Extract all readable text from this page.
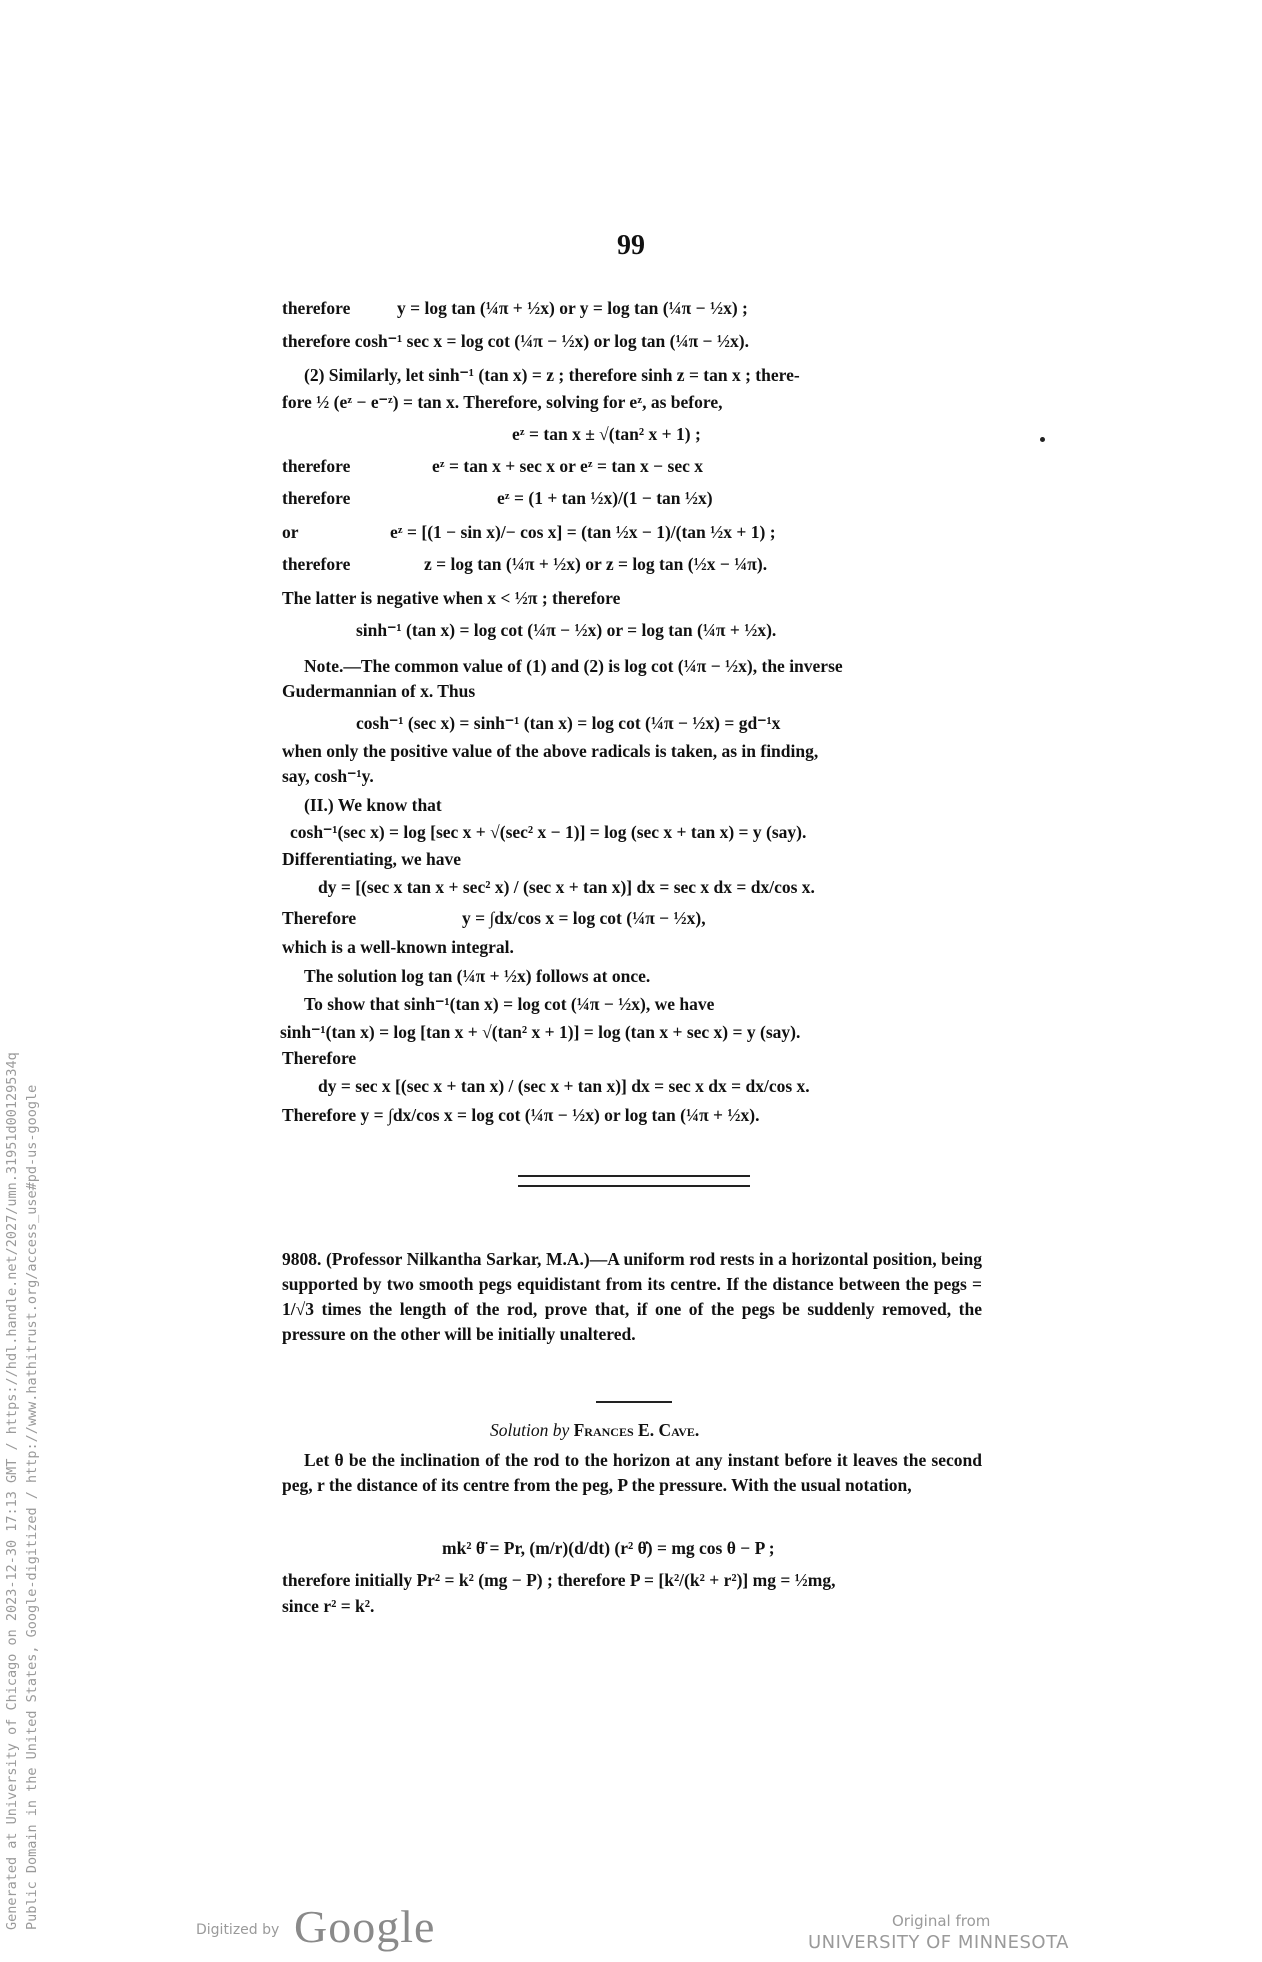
99
therefore	y = log tan (¼π + ½x) or y = log tan (¼π − ½x) ;
therefore cosh⁻¹ sec x = log cot (¼π − ½x) or log tan (¼π − ½x).
(2) Similarly, let sinh⁻¹ (tan x) = z ; therefore sinh z = tan x ; there-
fore ½ (eᶻ − e⁻ᶻ) = tan x. Therefore, solving for eᶻ, as before,
eᶻ = tan x ± √(tan² x + 1) ;
therefore	eᶻ = tan x + sec x or eᶻ = tan x − sec x
therefore	eᶻ = (1 + tan ½x)/(1 − tan ½x)
or	eᶻ = [(1 − sin x)/− cos x] = (tan ½x − 1)/(tan ½x + 1) ;
therefore	z = log tan (¼π + ½x) or z = log tan (½x − ¼π).
The latter is negative when x < ½π ; therefore
sinh⁻¹ (tan x) = log cot (¼π − ½x) or = log tan (¼π + ½x).
Note.—The common value of (1) and (2) is log cot (¼π − ½x), the inverse
Gudermannian of x. Thus
cosh⁻¹ (sec x) = sinh⁻¹ (tan x) = log cot (¼π − ½x) = gd⁻¹x
when only the positive value of the above radicals is taken, as in finding,
say, cosh⁻¹y.
(II.) We know that
cosh⁻¹(sec x) = log [sec x + √(sec² x − 1)] = log (sec x + tan x) = y (say).
Differentiating, we have
dy = [(sec x tan x + sec² x) / (sec x + tan x)] dx = sec x dx = dx/cos x.
Therefore	y = ∫dx/cos x = log cot (¼π − ½x),
which is a well-known integral.
The solution log tan (¼π + ½x) follows at once.
To show that sinh⁻¹(tan x) = log cot (¼π − ½x), we have
sinh⁻¹(tan x) = log [tan x + √(tan² x + 1)] = log (tan x + sec x) = y (say).
Therefore
dy = sec x [(sec x + tan x) / (sec x + tan x)] dx = sec x dx = dx/cos x.
Therefore y = ∫dx/cos x = log cot (¼π − ½x) or log tan (¼π + ½x).
9808. (Professor Nilkantha Sarkar, M.A.)—A uniform rod rests in a horizontal position, being supported by two smooth pegs equidistant from its centre. If the distance between the pegs = 1/√3 times the length of the rod, prove that, if one of the pegs be suddenly removed, the pressure on the other will be initially unaltered.
Solution by Frances E. Cave.
Let θ be the inclination of the rod to the horizon at any instant before it leaves the second peg, r the distance of its centre from the peg, P the pressure. With the usual notation,
mk² θ̈ = Pr, (m/r)(d/dt) (r² θ̇) = mg cos θ − P ;
therefore initially Pr² = k² (mg − P) ; therefore P = [k²/(k² + r²)] mg = ½mg,
since r² = k².
Generated at University of Chicago on 2023-12-30 17:13 GMT / https://hdl.handle.net/2027/umn.31951d00129534q Public Domain in the United States, Google-digitized / http://www.hathitrust.org/access_use#pd-us-google	Digitized by Google	Original from
UNIVERSITY OF MINNESOTA
